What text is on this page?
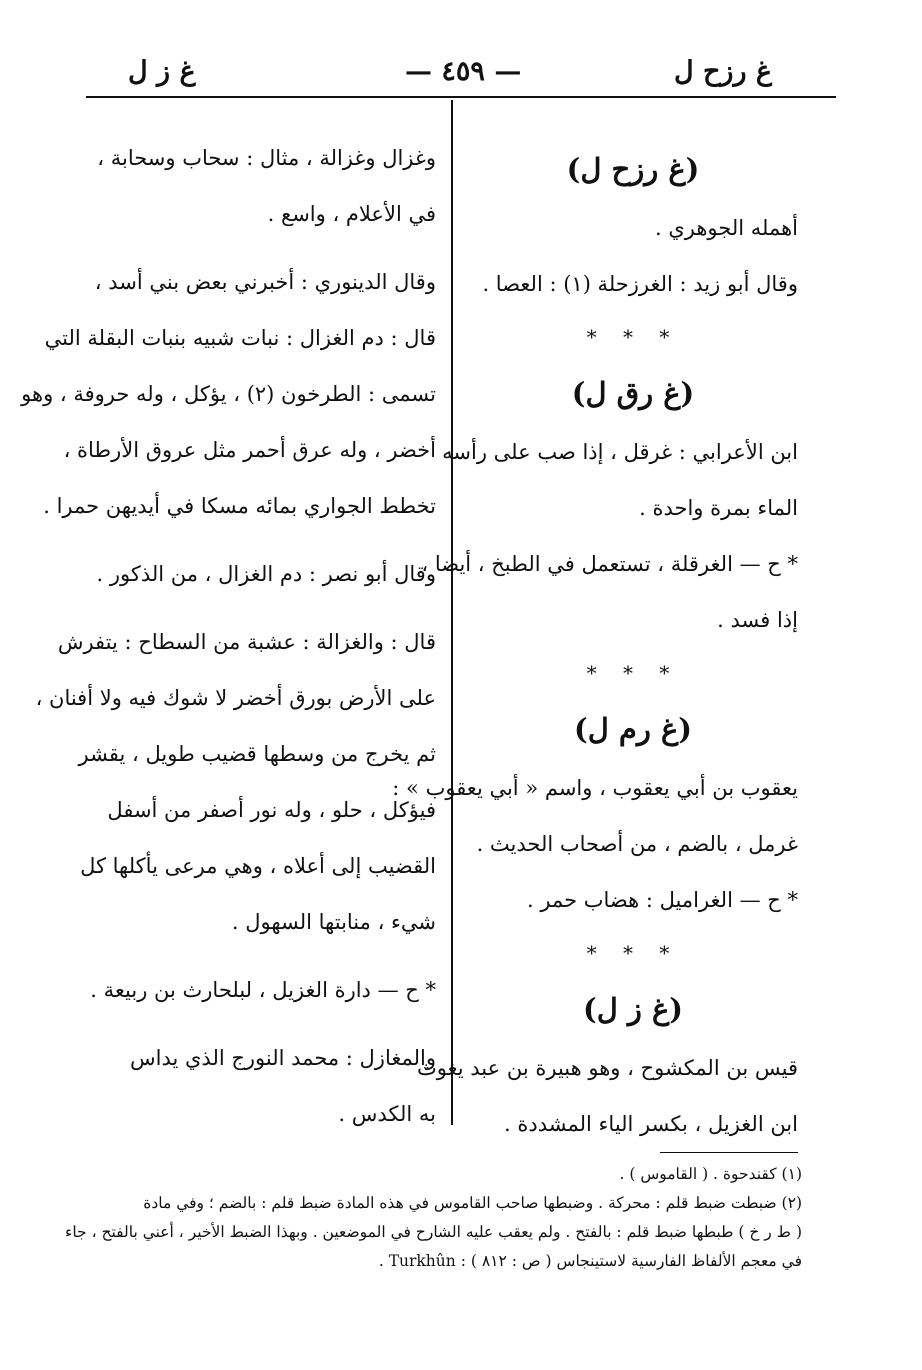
غ رزح ل
— ٤٥٩ —
غ ز ل
(غ رزح ل)
أهمله الجوهري .
وقال أبو زيد : الغرزحلة (١) : العصا .
* * *
(غ رق ل)
ابن الأعرابي : غرقل ، إذا صب على رأسه
الماء بمرة واحدة .
* ح — الغرقلة ، تستعمل في الطبخ ، أيضا ،
إذا فسد .
* * *
(غ رم ل)
يعقوب بن أبي يعقوب ، واسم « أبي يعقوب » :
غرمل ، بالضم ، من أصحاب الحديث .
* ح — الغراميل : هضاب حمر .
* * *
(غ ز ل)
قيس بن المكشوح ، وهو هبيرة بن عبد يغوث
ابن الغزيل ، بكسر الياء المشددة .
وغزال وغزالة ، مثال : سحاب وسحابة ،
في الأعلام ، واسع .
وقال الدينوري : أخبرني بعض بني أسد ،
قال : دم الغزال : نبات شبيه بنبات البقلة التي
تسمى : الطرخون (٢) ، يؤكل ، وله حروفة ، وهو
أخضر ، وله عرق أحمر مثل عروق الأرطاة ،
تخطط الجواري بمائه مسكا في أيديهن حمرا .
وقال أبو نصر : دم الغزال ، من الذكور .
قال : والغزالة : عشبة من السطاح : يتفرش
على الأرض بورق أخضر لا شوك فيه ولا أفنان ،
ثم يخرج من وسطها قضيب طويل ، يقشر
فيؤكل ، حلو ، وله نور أصفر من أسفل
القضيب إلى أعلاه ، وهي مرعى يأكلها كل
شيء ، منابتها السهول .
* ح — دارة الغزيل ، لبلحارث بن ربيعة .
والمغازل : محمد النورج الذي يداس
به الكدس .
(١) كقندحوة . ( القاموس ) .
(٢) ضبطت ضبط قلم : محركة . وضبطها صاحب القاموس في هذه المادة ضبط قلم : بالضم ؛ وفي مادة
( ط ر خ ) طبطها ضبط قلم : بالفتح . ولم يعقب عليه الشارح في الموضعين . وبهذا الضبط الأخير ، أعني بالفتح ، جاء
في معجم الألفاظ الفارسية لاستينجاس ( ص : ٨١٢ ) : Turkhûn .
